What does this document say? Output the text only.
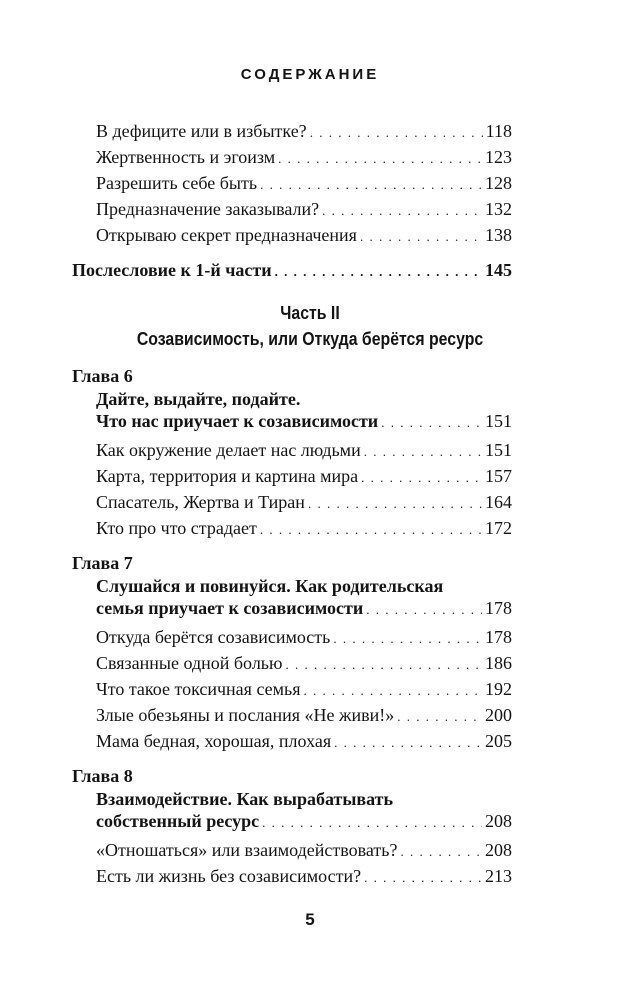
СОДЕРЖАНИЕ
В дефиците или в избытке? . . .	118
Жертвенность и эгоизм . . .	123
Разрешить себе быть . . .	128
Предназначение заказывали? . . .	132
Открываю секрет предназначения . . .	138
Послесловие к 1-й части . . .	145
Часть II
Созависимость, или Откуда берётся ресурс
Глава 6
Дайте, выдайте, подайте.
Что нас приучает к созависимости . . .	151
Как окружение делает нас людьми . . .	151
Карта, территория и картина мира . . .	157
Спасатель, Жертва и Тиран . . .	164
Кто про что страдает . . .	172
Глава 7
Слушайся и повинуйся. Как родительская
семья приучает к созависимости . . .	178
Откуда берётся созависимость . . .	178
Связанные одной болью . . .	186
Что такое токсичная семья . . .	192
Злые обезьяны и послания «Не живи!» . . .	200
Мама бедная, хорошая, плохая . . .	205
Глава 8
Взаимодействие. Как вырабатывать
собственный ресурс . . .	208
«Отношаться» или взаимодействовать? . . .	208
Есть ли жизнь без созависимости? . . .	213
5
